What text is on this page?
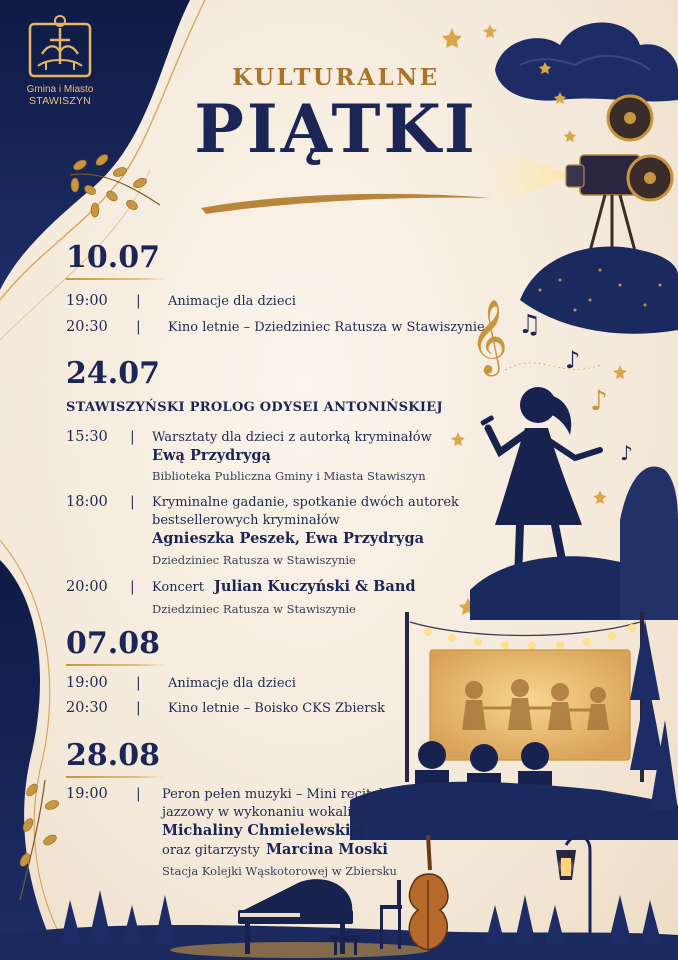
𝄞 ♫
♪
♪
♪
Gmina i Miasto
STAWISZYN
KULTURALNE
PIĄTKI
10.07
19:00 | Animacje dla dzieci
20:30 | Kino letnie – Dziedziniec Ratusza w Stawiszynie
24.07
STAWISZYŃSKI PROLOG ODYSEI ANTONIŃSKIEJ
15:30 | Warsztaty dla dzieci z autorką kryminałów
Ewą Przydrygą
Biblioteka Publiczna Gminy i Miasta Stawiszyn
18:00 | Kryminalne gadanie, spotkanie dwóch autorek
bestsellerowych kryminałów
Agnieszka Peszek, Ewa Przydryga
Dziedziniec Ratusza w Stawiszynie
20:00 | Koncert Julian Kuczyński & Band
Dziedziniec Ratusza w Stawiszynie
07.08
19:00 | Animacje dla dzieci
20:30 | Kino letnie – Boisko CKS Zbiersk
28.08
19:00 | Peron pełen muzyki – Mini recital
jazzowy w wykonaniu wokalistki
Michaliny Chmielewskiej
oraz gitarzysty Marcina Moski
Stacja Kolejki Wąskotorowej w Zbiersku
